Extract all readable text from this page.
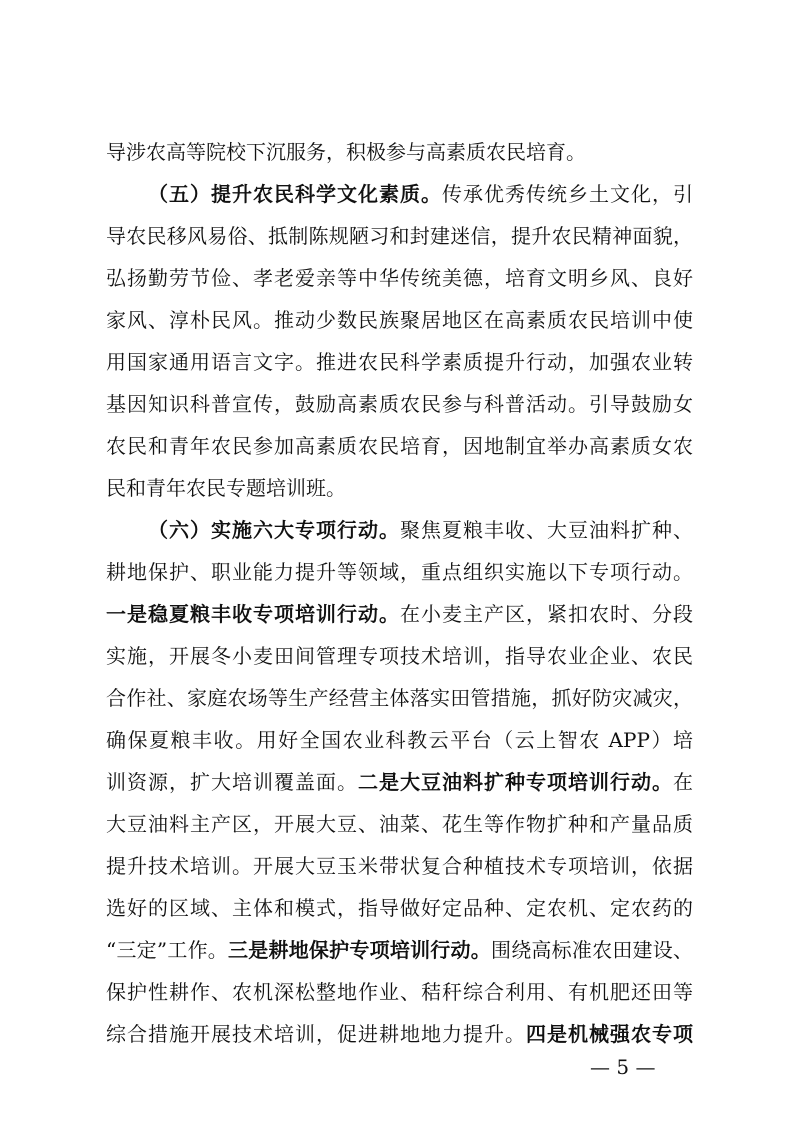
导涉农高等院校下沉服务，积极参与高素质农民培育。
（五）提升农民科学文化素质。传承优秀传统乡土文化，引
导农民移风易俗、抵制陈规陋习和封建迷信，提升农民精神面貌，
弘扬勤劳节俭、孝老爱亲等中华传统美德，培育文明乡风、良好
家风、淳朴民风。推动少数民族聚居地区在高素质农民培训中使
用国家通用语言文字。推进农民科学素质提升行动，加强农业转
基因知识科普宣传，鼓励高素质农民参与科普活动。引导鼓励女
农民和青年农民参加高素质农民培育，因地制宜举办高素质女农
民和青年农民专题培训班。
（六）实施六大专项行动。聚焦夏粮丰收、大豆油料扩种、
耕地保护、职业能力提升等领域，重点组织实施以下专项行动。
一是稳夏粮丰收专项培训行动。在小麦主产区，紧扣农时、分段
实施，开展冬小麦田间管理专项技术培训，指导农业企业、农民
合作社、家庭农场等生产经营主体落实田管措施，抓好防灾减灾，
确保夏粮丰收。用好全国农业科教云平台（云上智农 APP）培
训资源，扩大培训覆盖面。二是大豆油料扩种专项培训行动。在
大豆油料主产区，开展大豆、油菜、花生等作物扩种和产量品质
提升技术培训。开展大豆玉米带状复合种植技术专项培训，依据
选好的区域、主体和模式，指导做好定品种、定农机、定农药的
“三定”工作。三是耕地保护专项培训行动。围绕高标准农田建设、
保护性耕作、农机深松整地作业、秸秆综合利用、有机肥还田等
综合措施开展技术培训，促进耕地地力提升。四是机械强农专项
— 5 —
